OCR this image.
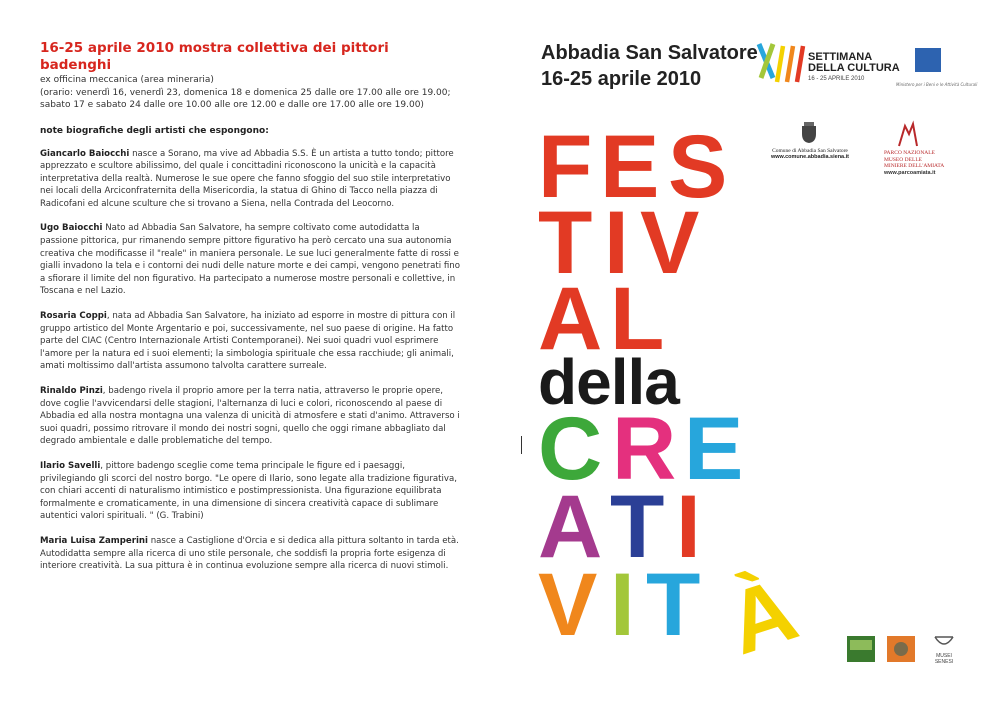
16-25 aprile 2010 mostra collettiva dei pittori badenghi
ex officina meccanica (area mineraria)
(orario: venerdì 16, venerdì 23, domenica 18 e domenica 25 dalle ore 17.00 alle ore 19.00;
sabato 17 e sabato 24 dalle ore 10.00 alle ore 12.00 e dalle ore 17.00 alle ore 19.00)
note biografiche degli artisti che espongono:
Giancarlo Baiocchi nasce a Sorano, ma vive ad Abbadia S.S. È un artista a tutto tondo; pittore apprezzato e scultore abilissimo, del quale i concittadini riconoscono la unicità e la capacità interpretativa della realtà. Numerose le sue opere che fanno sfoggio del suo stile interpretativo nei locali della Arciconfraternita della Misericordia, la statua di Ghino di Tacco nella piazza di Radicofani ed alcune sculture che si trovano a Siena, nella Contrada del Leocorno.
Ugo Baiocchi Nato ad Abbadia San Salvatore, ha sempre coltivato come autodidatta la passione pittorica, pur rimanendo sempre pittore figurativo ha però cercato una sua autonomia creativa che modificasse il "reale" in maniera personale. Le sue luci generalmente fatte di rossi e gialli invadono la tela e i contorni dei nudi delle nature morte e dei campi, vengono penetrati fino a sfiorare il limite del non figurativo. Ha partecipato a numerose mostre personali e collettive, in Toscana e nel Lazio.
Rosaria Coppi, nata ad Abbadia San Salvatore, ha iniziato ad esporre in mostre di pittura con il gruppo artistico del Monte Argentario e poi, successivamente, nel suo paese di origine. Ha fatto parte del CIAC (Centro Internazionale Artisti Contemporanei). Nei suoi quadri vuol esprimere l'amore per la natura ed i suoi elementi; la simbologia spirituale che essa racchiude; gli animali, amati moltissimo dall'artista assumono talvolta carattere surreale.
Rinaldo Pinzi, badengo rivela il proprio amore per la terra natia, attraverso le proprie opere, dove coglie l'avvicendarsi delle stagioni, l'alternanza di luci e colori, riconoscendo al paese di Abbadia ed alla nostra montagna una valenza di unicità di atmosfere e stati d'animo. Attraverso i suoi quadri, possimo ritrovare il mondo dei nostri sogni, quello che oggi rimane abbagliato dal degrado ambientale e dalle problematiche del tempo.
Ilario Savelli, pittore badengo sceglie come tema principale le figure ed i paesaggi, privilegiando gli scorci del nostro borgo. "Le opere di Ilario, sono legate alla tradizione figurativa, con chiari accenti di naturalismo intimistico e postimpressionista. Una figurazione equilibrata formalmente e cromaticamente, in una dimensione di sincera creatività capace di sublimare autentici valori spirituali. " (G. Trabini)
Maria Luisa Zamperini nasce a Castiglione d'Orcia e si dedica alla pittura soltanto in tarda età. Autodidatta sempre alla ricerca di uno stile personale, che soddisfi la propria forte esigenza di interiore creatività. La sua pittura è in continua evoluzione sempre alla ricerca di nuovi stimoli.
Abbadia San Salvatore
16-25 aprile 2010
SETTIMANA
DELLA CULTURA
16 - 25 APRILE 2010
Ministero per i Beni e le Attività Culturali
Comune di Abbadia San Salvatore
www.comune.abbadia.siena.it
PARCO NAZIONALE
MUSEO DELLE
MINIERE DELL'AMIATA
www.parcoamiata.it
F E S
T I V
A L
C R E
A T I
V I T
della
À	MUSEI
SENESI
